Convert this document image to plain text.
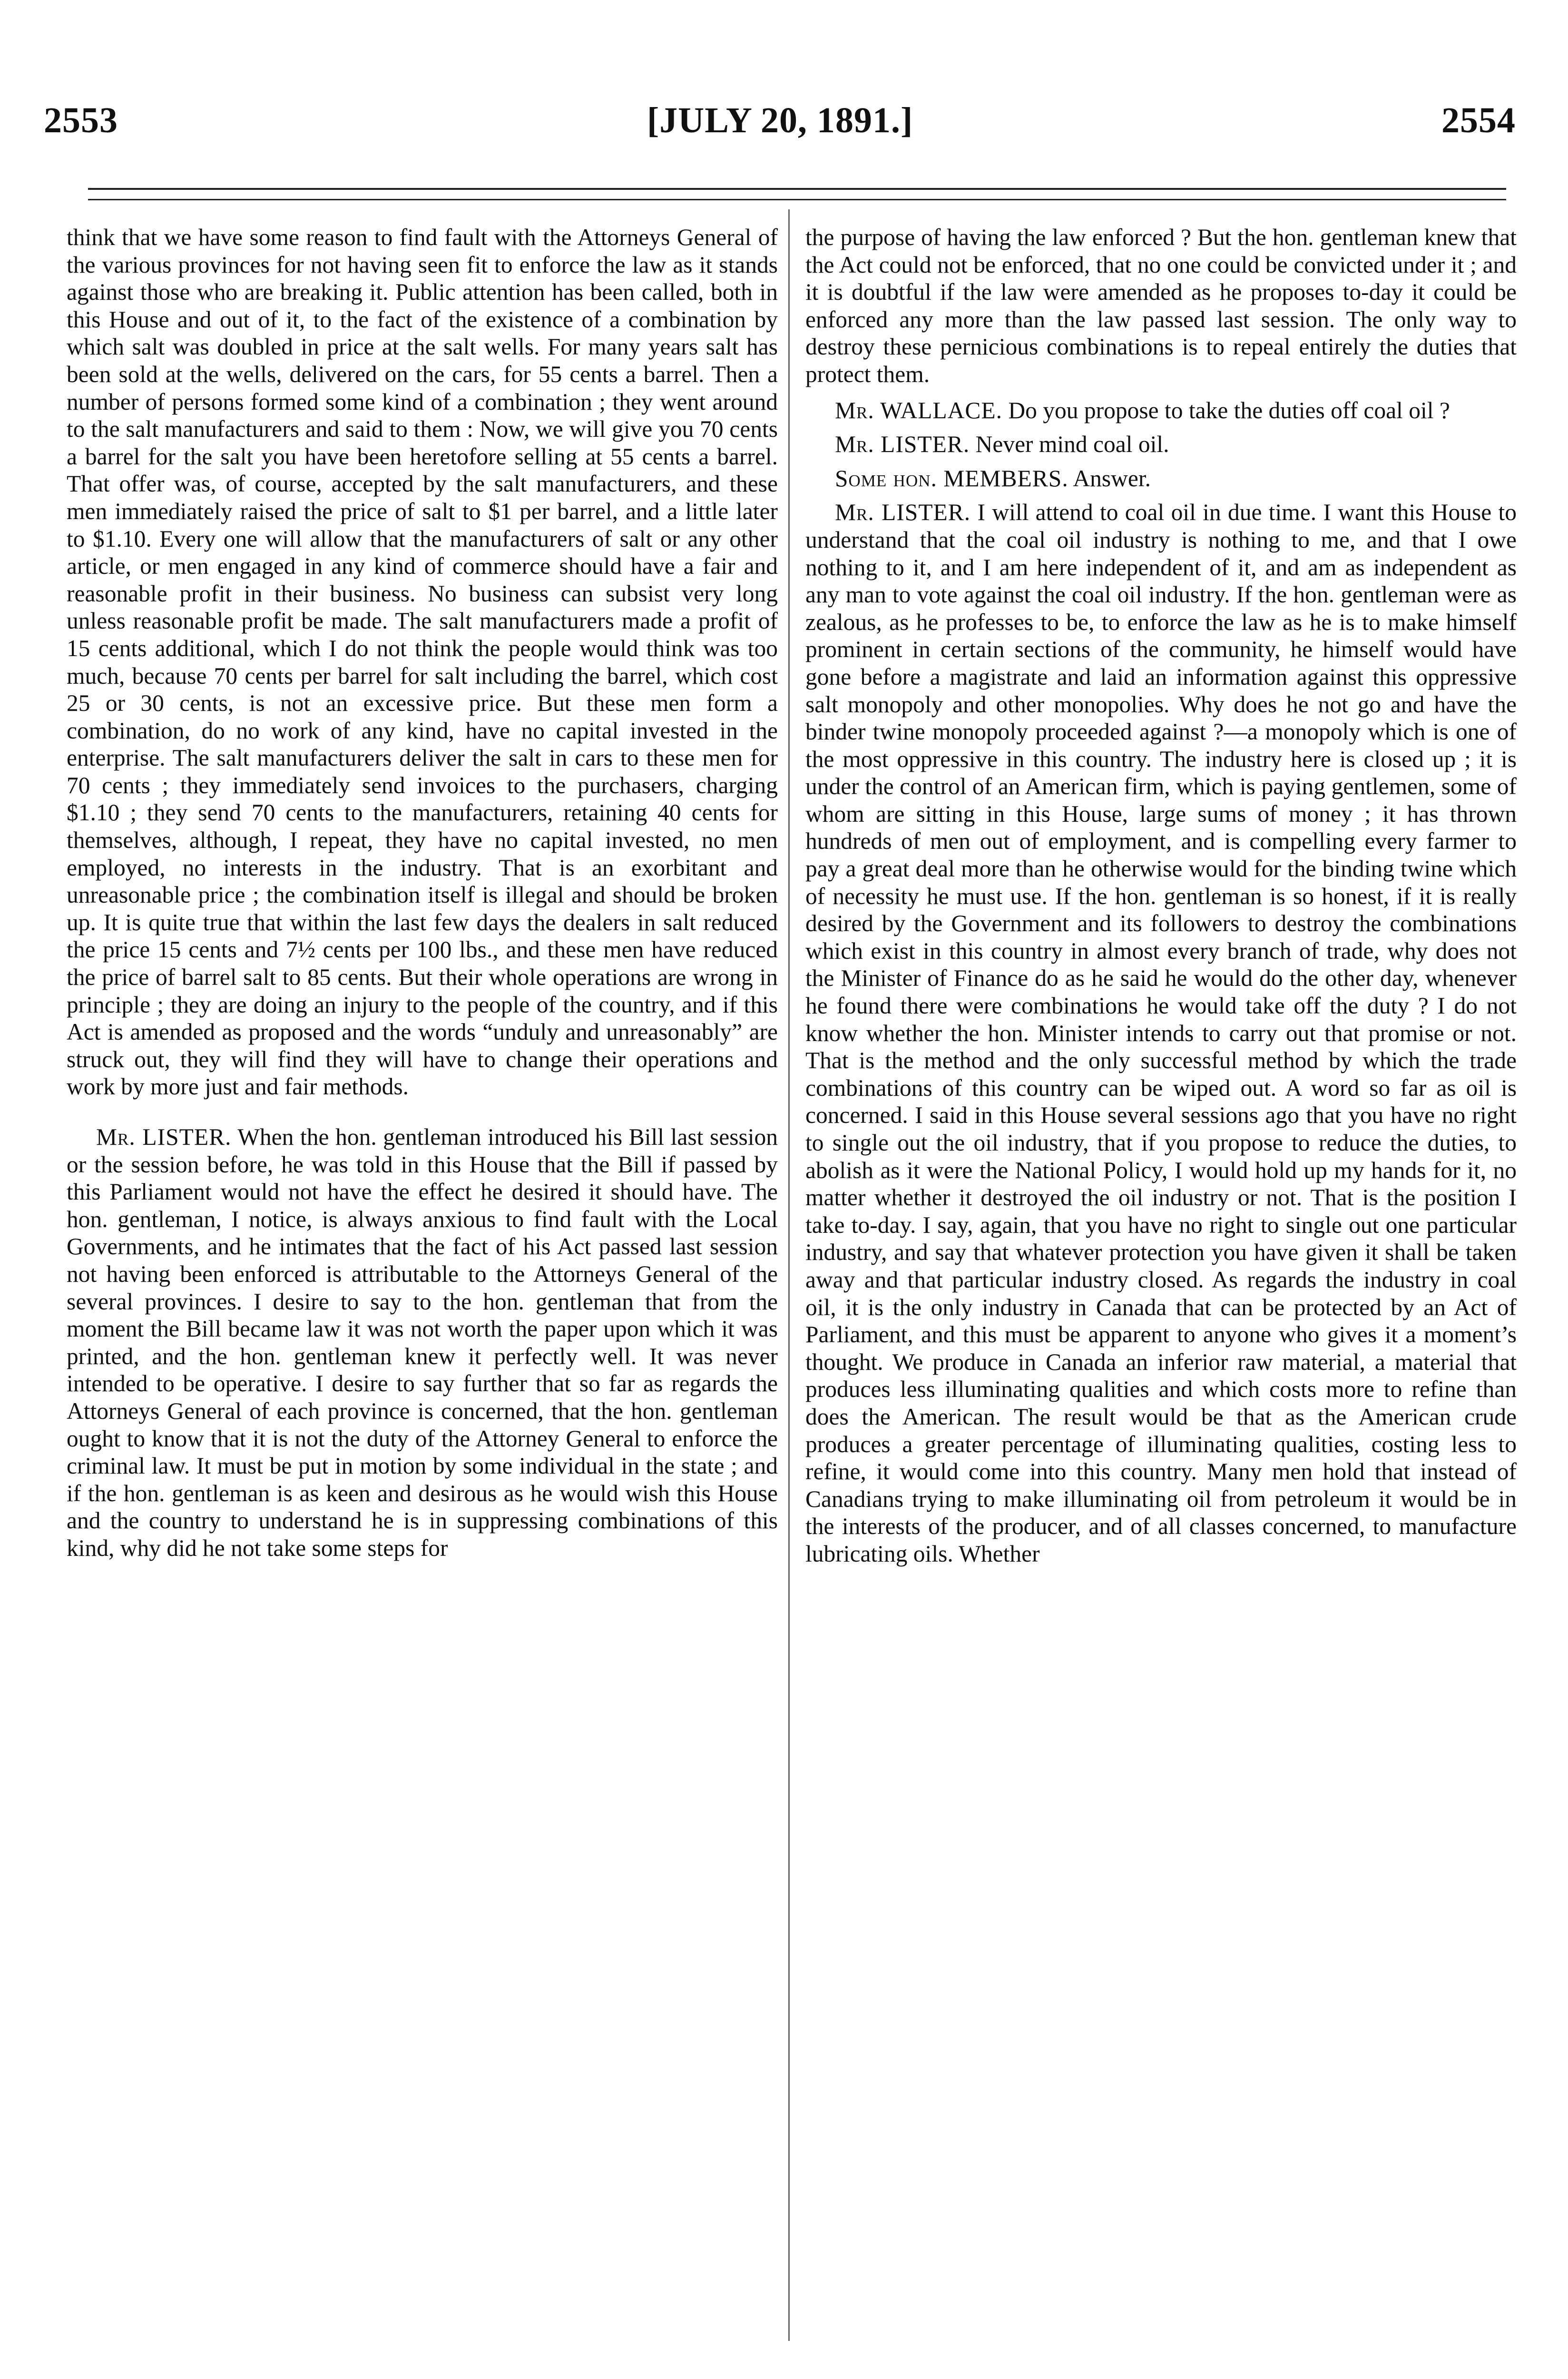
2553	[JULY 20, 1891.]	2554

think that we have some reason to find fault with the Attorneys General of the various provinces for not having seen fit to enforce the law as it stands against those who are breaking it. Public attention has been called, both in this House and out of it, to the fact of the existence of a combination by which salt was doubled in price at the salt wells. For many years salt has been sold at the wells, delivered on the cars, for 55 cents a barrel. Then a number of persons formed some kind of a combination ; they went around to the salt manufacturers and said to them : Now, we will give you 70 cents a barrel for the salt you have been heretofore selling at 55 cents a barrel. That offer was, of course, accepted by the salt manufacturers, and these men immediately raised the price of salt to $1 per barrel, and a little later to $1.10. Every one will allow that the manufacturers of salt or any other article, or men engaged in any kind of commerce should have a fair and reasonable profit in their business. No business can subsist very long unless reasonable profit be made. The salt manufacturers made a profit of 15 cents additional, which I do not think the people would think was too much, because 70 cents per barrel for salt including the barrel, which cost 25 or 30 cents, is not an excessive price. But these men form a combination, do no work of any kind, have no capital invested in the enterprise. The salt manufacturers deliver the salt in cars to these men for 70 cents ; they immediately send invoices to the purchasers, charging $1.10 ; they send 70 cents to the manufacturers, retaining 40 cents for themselves, although, I repeat, they have no capital invested, no men employed, no interests in the industry. That is an exorbitant and unreasonable price ; the combination itself is illegal and should be broken up. It is quite true that within the last few days the dealers in salt reduced the price 15 cents and 7½ cents per 100 lbs., and these men have reduced the price of barrel salt to 85 cents. But their whole operations are wrong in principle ; they are doing an injury to the people of the country, and if this Act is amended as proposed and the words “unduly and unreasonably” are struck out, they will find they will have to change their operations and work by more just and fair methods.

Mr. LISTER. When the hon. gentleman introduced his Bill last session or the session before, he was told in this House that the Bill if passed by this Parliament would not have the effect he desired it should have. The hon. gentleman, I notice, is always anxious to find fault with the Local Governments, and he intimates that the fact of his Act passed last session not having been enforced is attributable to the Attorneys General of the several provinces. I desire to say to the hon. gentleman that from the moment the Bill became law it was not worth the paper upon which it was printed, and the hon. gentleman knew it perfectly well. It was never intended to be operative. I desire to say further that so far as regards the Attorneys General of each province is concerned, that the hon. gentleman ought to know that it is not the duty of the Attorney General to enforce the criminal law. It must be put in motion by some individual in the state ; and if the hon. gentleman is as keen and desirous as he would wish this House and the country to understand he is in suppressing combinations of this kind, why did he not take some steps for

the purpose of having the law enforced ? But the hon. gentleman knew that the Act could not be enforced, that no one could be convicted under it ; and it is doubtful if the law were amended as he proposes to-day it could be enforced any more than the law passed last session. The only way to destroy these pernicious combinations is to repeal entirely the duties that protect them.

Mr. WALLACE. Do you propose to take the duties off coal oil ?

Mr. LISTER. Never mind coal oil.

Some hon. MEMBERS. Answer.

Mr. LISTER. I will attend to coal oil in due time. I want this House to understand that the coal oil industry is nothing to me, and that I owe nothing to it, and I am here independent of it, and am as independent as any man to vote against the coal oil industry. If the hon. gentleman were as zealous, as he professes to be, to enforce the law as he is to make himself prominent in certain sections of the community, he himself would have gone before a magistrate and laid an information against this oppressive salt monopoly and other monopolies. Why does he not go and have the binder twine monopoly proceeded against ?—a monopoly which is one of the most oppressive in this country. The industry here is closed up ; it is under the control of an American firm, which is paying gentlemen, some of whom are sitting in this House, large sums of money ; it has thrown hundreds of men out of employment, and is compelling every farmer to pay a great deal more than he otherwise would for the binding twine which of necessity he must use. If the hon. gentleman is so honest, if it is really desired by the Government and its followers to destroy the combinations which exist in this country in almost every branch of trade, why does not the Minister of Finance do as he said he would do the other day, whenever he found there were combinations he would take off the duty ? I do not know whether the hon. Minister intends to carry out that promise or not. That is the method and the only successful method by which the trade combinations of this country can be wiped out. A word so far as oil is concerned. I said in this House several sessions ago that you have no right to single out the oil industry, that if you propose to reduce the duties, to abolish as it were the National Policy, I would hold up my hands for it, no matter whether it destroyed the oil industry or not. That is the position I take to-day. I say, again, that you have no right to single out one particular industry, and say that whatever protection you have given it shall be taken away and that particular industry closed. As regards the industry in coal oil, it is the only industry in Canada that can be protected by an Act of Parliament, and this must be apparent to anyone who gives it a moment’s thought. We produce in Canada an inferior raw material, a material that produces less illuminating qualities and which costs more to refine than does the American. The result would be that as the American crude produces a greater percentage of illuminating qualities, costing less to refine, it would come into this country. Many men hold that instead of Canadians trying to make illuminating oil from petroleum it would be in the interests of the producer, and of all classes concerned, to manufacture lubricating oils. Whether
